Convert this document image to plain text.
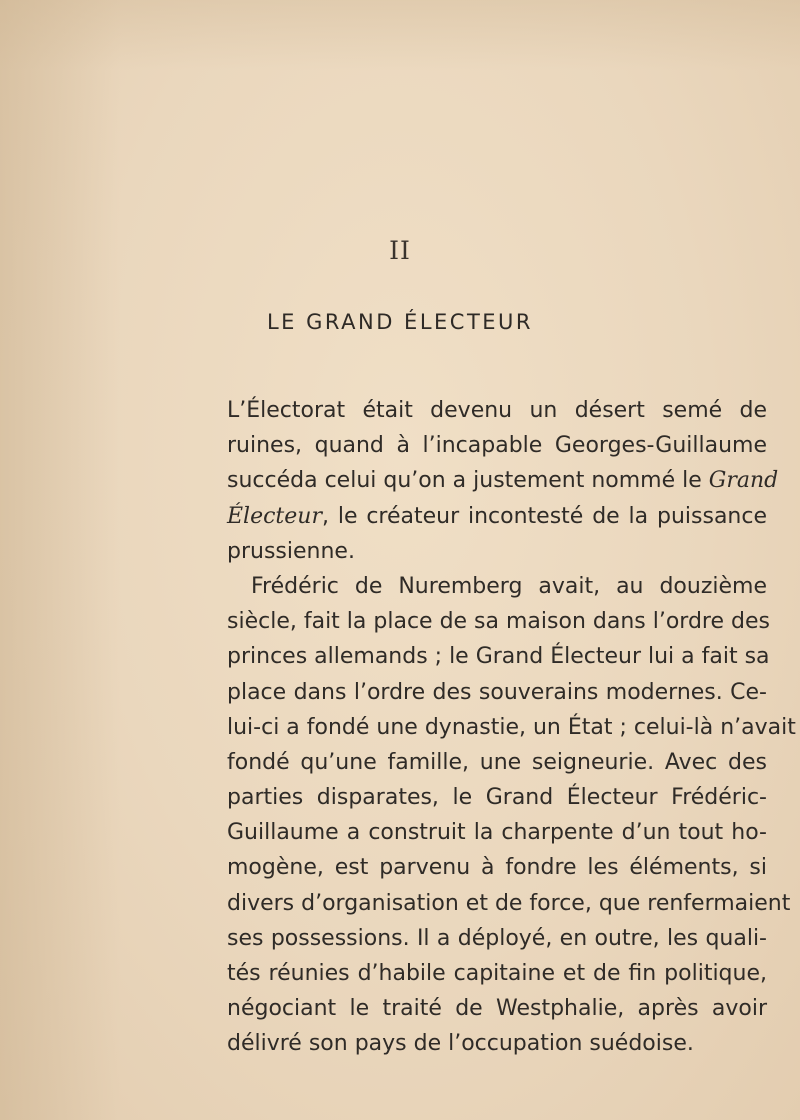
II
LE GRAND ÉLECTEUR
L’Électorat était devenu un désert semé de
ruines, quand à l’incapable Georges-Guillaume
succéda celui qu’on a justement nommé le Grand
Électeur, le créateur incontesté de la puissance
prussienne.
Frédéric de Nuremberg avait, au douzième
siècle, fait la place de sa maison dans l’ordre des
princes allemands ; le Grand Électeur lui a fait sa
place dans l’ordre des souverains modernes. Ce-
lui-ci a fondé une dynastie, un État ; celui-là n’avait
fondé qu’une famille, une seigneurie. Avec des
parties disparates, le Grand Électeur Frédéric-
Guillaume a construit la charpente d’un tout ho-
mogène, est parvenu à fondre les éléments, si
divers d’organisation et de force, que renfermaient
ses possessions. Il a déployé, en outre, les quali-
tés réunies d’habile capitaine et de fin politique,
négociant le traité de Westphalie, après avoir
délivré son pays de l’occupation suédoise.
